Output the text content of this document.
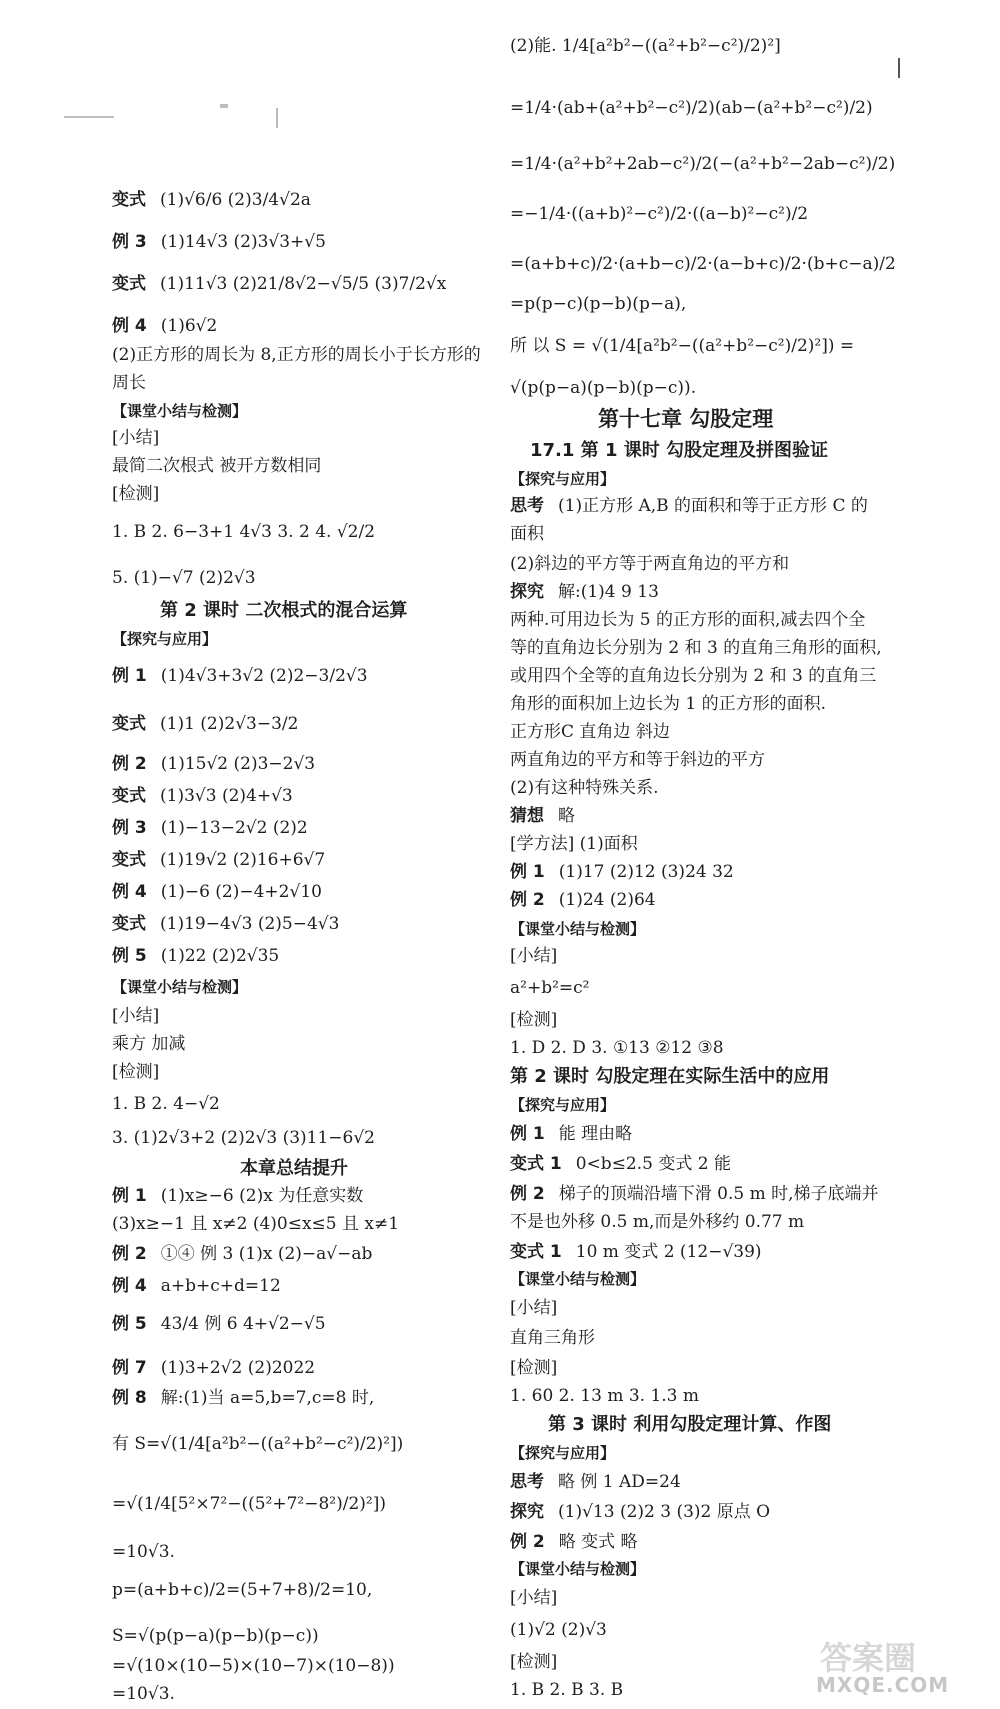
变式 (1)√6/6 (2)3/4√2a
例 3 (1)14√3 (2)3√3+√5
变式 (1)11√3 (2)21/8√2−√5/5 (3)7/2√x
例 4 (1)6√2
(2)正方形的周长为 8,正方形的周长小于长方形的
周长
【课堂小结与检测】
[小结]
最简二次根式 被开方数相同
[检测]
1. B 2. 6−3+1 4√3 3. 2 4. √2/2
5. (1)−√7 (2)2√3
第 2 课时 二次根式的混合运算
【探究与应用】
例 1 (1)4√3+3√2 (2)2−3/2√3
变式 (1)1 (2)2√3−3/2
例 2 (1)15√2 (2)3−2√3
变式 (1)3√3 (2)4+√3
例 3 (1)−13−2√2 (2)2
变式 (1)19√2 (2)16+6√7
例 4 (1)−6 (2)−4+2√10
变式 (1)19−4√3 (2)5−4√3
例 5 (1)22 (2)2√35
【课堂小结与检测】
[小结]
乘方 加减
[检测]
1. B 2. 4−√2
3. (1)2√3+2 (2)2√3 (3)11−6√2
本章总结提升
例 1 (1)x≥−6 (2)x 为任意实数
(3)x≥−1 且 x≠2 (4)0≤x≤5 且 x≠1
例 2 ①④ 例 3 (1)x (2)−a√−ab
例 4 a+b+c+d=12
例 5 43/4 例 6 4+√2−√5
例 7 (1)3+2√2 (2)2022
例 8 解:(1)当 a=5,b=7,c=8 时,
有 S=√(1/4[a²b²−((a²+b²−c²)/2)²])
=√(1/4[5²×7²−((5²+7²−8²)/2)²])
=10√3.
p=(a+b+c)/2=(5+7+8)/2=10,
S=√(p(p−a)(p−b)(p−c))
=√(10×(10−5)×(10−7)×(10−8))
=10√3.
(2)能. 1/4[a²b²−((a²+b²−c²)/2)²]
=1/4·(ab+(a²+b²−c²)/2)(ab−(a²+b²−c²)/2)
=1/4·(a²+b²+2ab−c²)/2(−(a²+b²−2ab−c²)/2)
=−1/4·((a+b)²−c²)/2·((a−b)²−c²)/2
=(a+b+c)/2·(a+b−c)/2·(a−b+c)/2·(b+c−a)/2
=p(p−c)(p−b)(p−a),
所 以 S = √(1/4[a²b²−((a²+b²−c²)/2)²]) =
√(p(p−a)(p−b)(p−c)).
第十七章 勾股定理
17.1 第 1 课时 勾股定理及拼图验证
【探究与应用】
思考 (1)正方形 A,B 的面积和等于正方形 C 的
面积
(2)斜边的平方等于两直角边的平方和
探究 解:(1)4 9 13
两种.可用边长为 5 的正方形的面积,减去四个全
等的直角边长分别为 2 和 3 的直角三角形的面积,
或用四个全等的直角边长分别为 2 和 3 的直角三
角形的面积加上边长为 1 的正方形的面积.
正方形C 直角边 斜边
两直角边的平方和等于斜边的平方
(2)有这种特殊关系.
猜想 略
[学方法] (1)面积
例 1 (1)17 (2)12 (3)24 32
例 2 (1)24 (2)64
【课堂小结与检测】
[小结]
a²+b²=c²
[检测]
1. D 2. D 3. ①13 ②12 ③8
第 2 课时 勾股定理在实际生活中的应用
【探究与应用】
例 1 能 理由略
变式 1 0<b≤2.5 变式 2 能
例 2 梯子的顶端沿墙下滑 0.5 m 时,梯子底端并
不是也外移 0.5 m,而是外移约 0.77 m
变式 1 10 m 变式 2 (12−√39)
【课堂小结与检测】
[小结]
直角三角形
[检测]
1. 60 2. 13 m 3. 1.3 m
第 3 课时 利用勾股定理计算、作图
【探究与应用】
思考 略 例 1 AD=24
探究 (1)√13 (2)2 3 (3)2 原点 O
例 2 略 变式 略
【课堂小结与检测】
[小结]
(1)√2 (2)√3
[检测]
1. B 2. B 3. B
答案圈
MXQE.COM
